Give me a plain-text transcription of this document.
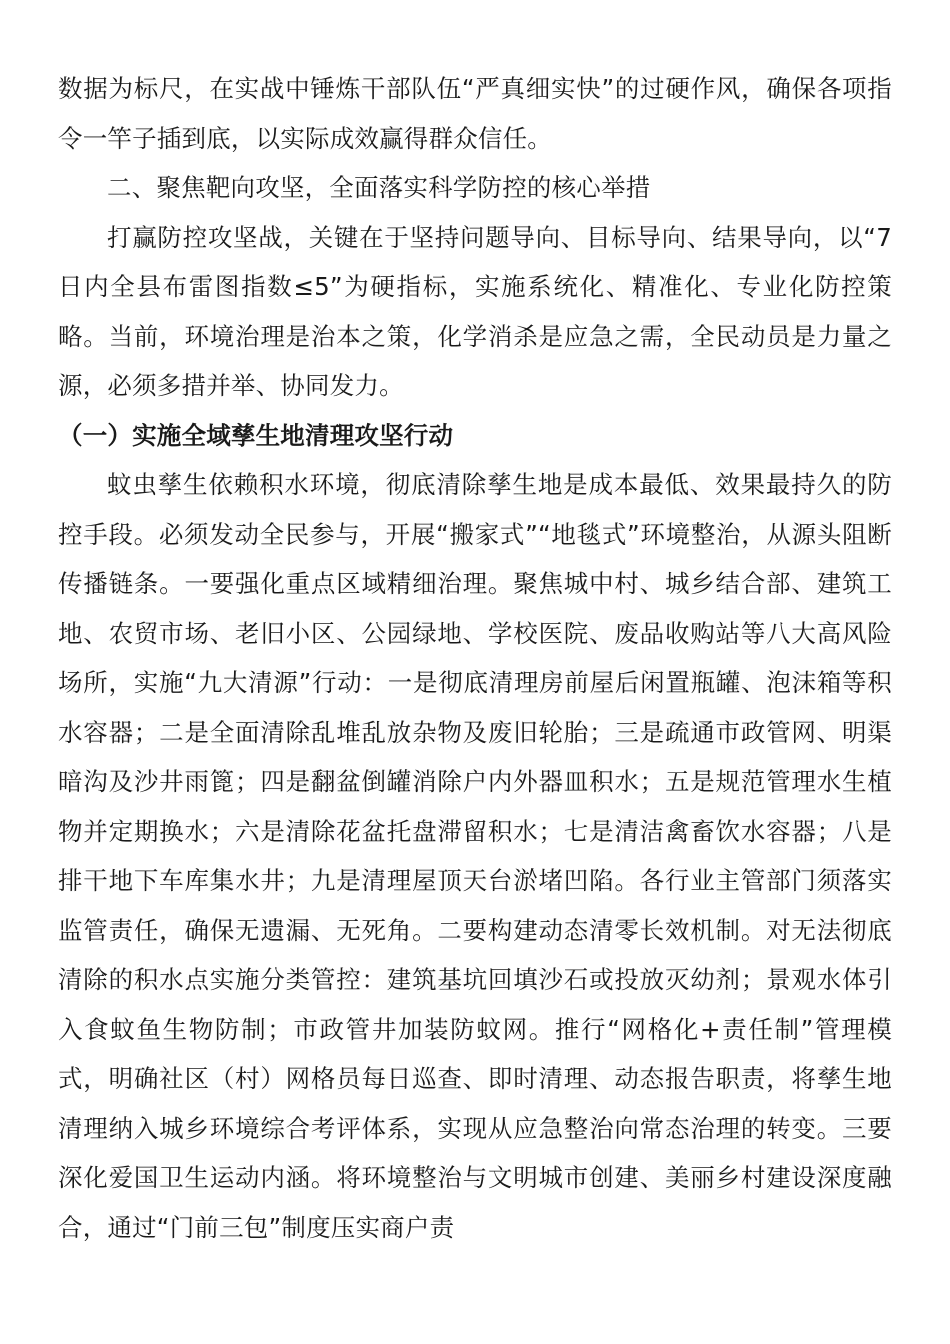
数据为标尺，在实战中锤炼干部队伍“严真细实快”的过硬作风，确保各项指令一竿子插到底，以实际成效赢得群众信任。

二、聚焦靶向攻坚，全面落实科学防控的核心举措

打赢防控攻坚战，关键在于坚持问题导向、目标导向、结果导向，以“7日内全县布雷图指数≤5”为硬指标，实施系统化、精准化、专业化防控策略。当前，环境治理是治本之策，化学消杀是应急之需，全民动员是力量之源，必须多措并举、协同发力。

（一）实施全域孳生地清理攻坚行动

蚊虫孳生依赖积水环境，彻底清除孳生地是成本最低、效果最持久的防控手段。必须发动全民参与，开展“搬家式”“地毯式”环境整治，从源头阻断传播链条。一要强化重点区域精细治理。聚焦城中村、城乡结合部、建筑工地、农贸市场、老旧小区、公园绿地、学校医院、废品收购站等八大高风险场所，实施“九大清源”行动：一是彻底清理房前屋后闲置瓶罐、泡沫箱等积水容器；二是全面清除乱堆乱放杂物及废旧轮胎；三是疏通市政管网、明渠暗沟及沙井雨篦；四是翻盆倒罐消除户内外器皿积水；五是规范管理水生植物并定期换水；六是清除花盆托盘滞留积水；七是清洁禽畜饮水容器；八是排干地下车库集水井；九是清理屋顶天台淤堵凹陷。各行业主管部门须落实监管责任，确保无遗漏、无死角。二要构建动态清零长效机制。对无法彻底清除的积水点实施分类管控：建筑基坑回填沙石或投放灭幼剂；景观水体引入食蚊鱼生物防制；市政管井加装防蚊网。推行“网格化+责任制”管理模式，明确社区（村）网格员每日巡查、即时清理、动态报告职责，将孳生地清理纳入城乡环境综合考评体系，实现从应急整治向常态治理的转变。三要深化爱国卫生运动内涵。将环境整治与文明城市创建、美丽乡村建设深度融合，通过“门前三包”制度压实商户责
